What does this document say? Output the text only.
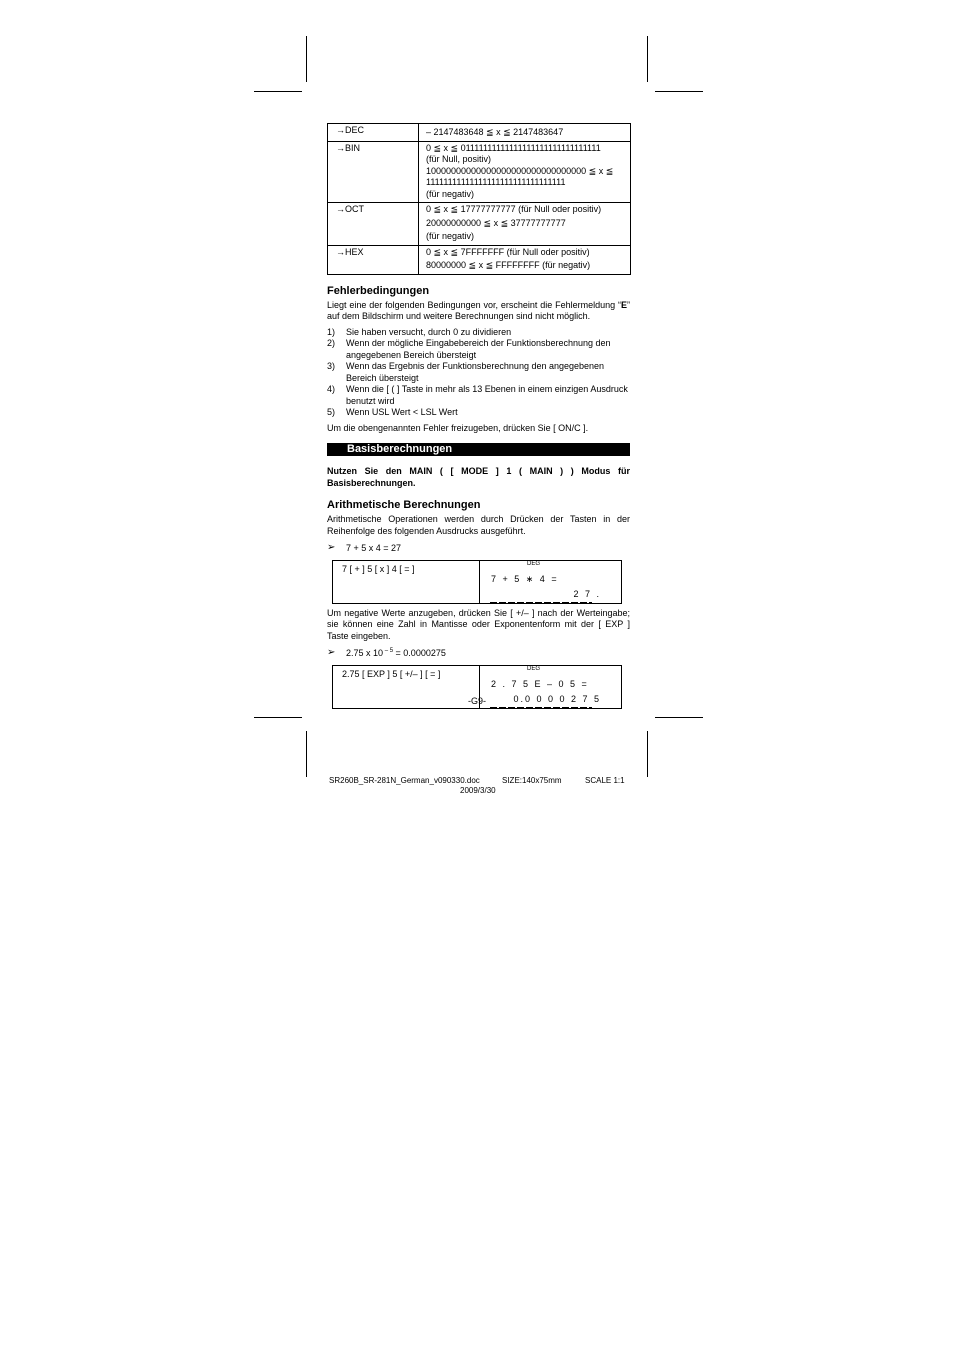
→DEC	– 2147483648 ≦ x ≦ 2147483647

→BIN	0 ≦ x ≦ 01111111111111111111111111111111
(für Null, positiv)
10000000000000000000000000000000 ≦ x ≦
11111111111111111111111111111111
(für negativ)

→OCT	0 ≦ x ≦ 17777777777 (für Null oder positiv)
20000000000 ≦ x ≦ 37777777777
(für negativ)

→HEX	0 ≦ x ≦ 7FFFFFFF (für Null oder positiv)
80000000 ≦ x ≦ FFFFFFFF (für negativ)
Fehlerbedingungen

Liegt eine der folgenden Bedingungen vor, erscheint die Fehlermeldung “E” auf dem Bildschirm und weitere Berechnungen sind nicht möglich.

1) Sie haben versucht, durch 0 zu dividieren
2) Wenn der mögliche Eingabebereich der Funktionsberechnung den angegebenen Bereich übersteigt
3) Wenn das Ergebnis der Funktionsberechnung den angegebenen Bereich übersteigt
4) Wenn die [ ( ] Taste in mehr als 13 Ebenen in einem einzigen Ausdruck benutzt wird
5) Wenn USL Wert < LSL Wert

Um die obengenannten Fehler freizugeben, drücken Sie [ ON/C ].

Basisberechnungen

Nutzen Sie den MAIN ( [ MODE ] 1 ( MAIN ) ) Modus für Basisberechnungen.

Arithmetische Berechnungen

Arithmetische Operationen werden durch Drücken der Tasten in der Reihenfolge des folgenden Ausdrucks ausgeführt.

➢ 7 + 5 x 4 = 27
7 [ + ] 5 [ x ] 4 [ = ]	DEG
7 + 5 ∗ 4 =
2 7 .

Um negative Werte anzugeben, drücken Sie [ +/– ] nach der Werteingabe; sie können eine Zahl in Mantisse oder Exponentenform mit der [ EXP ] Taste eingeben.

➢ 2.75 x 10 $^{- 5}$ = 0.0000275
2.75 [ EXP ] 5 [ +/– ] [ = ]	DEG
2 . 7 5 E – 0 5 =
0.0 0 0 0 2 7 5
-G9-
SR260B_SR-281N_German_v090330.doc	SIZE:140x75mm	SCALE 1:1
2009/3/30
